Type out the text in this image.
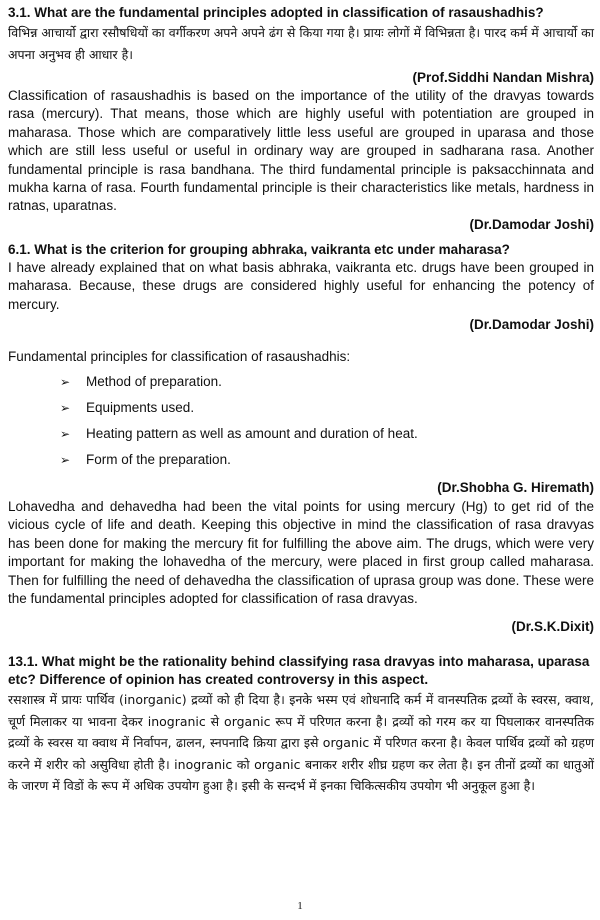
3.1. What are the fundamental principles adopted in classification of rasaushadhis?

विभिन्न आचार्यो द्वारा रसौषधियों का वर्गीकरण अपने अपने ढंग से किया गया है। प्रायः लोगों में विभिन्नता है। पारद कर्म में आचार्यो का अपना अनुभव ही आधार है।

(Prof.Siddhi Nandan Mishra)

Classification of rasaushadhis is based on the importance of the utility of the dravyas towards rasa (mercury). That means, those which are highly useful with potentiation are grouped in maharasa. Those which are comparatively little less useful are grouped in uparasa and those which are still less useful or useful in ordinary way are grouped in sadharana rasa. Another fundamental principle is rasa bandhana. The third fundamental principle is paksacchinnata and mukha karna of rasa. Fourth fundamental principle is their characteristics like metals, hardness in ratnas, uparatnas.

(Dr.Damodar Joshi)

6.1. What is the criterion for grouping abhraka, vaikranta etc under maharasa?

I have already explained that on what basis abhraka, vaikranta etc. drugs have been grouped in maharasa. Because, these drugs are considered highly useful for enhancing the potency of mercury.

(Dr.Damodar Joshi)

Fundamental principles for classification of rasaushadhis:

➢	Method of preparation.
➢	Equipments used.
➢	Heating pattern as well as amount and duration of heat.
➢	Form of the preparation.

(Dr.Shobha G. Hiremath)

Lohavedha and dehavedha had been the vital points for using mercury (Hg) to get rid of the vicious cycle of life and death. Keeping this objective in mind the classification of rasa dravyas has been done for making the mercury fit for fulfilling the above aim. The drugs, which were very important for making the lohavedha of the mercury, were placed in first group called maharasa. Then for fulfilling the need of dehavedha the classification of uprasa group was done. These were the fundamental principles adopted for classification of rasa dravyas.

(Dr.S.K.Dixit)

13.1. What might be the rationality behind classifying rasa dravyas into maharasa, uparasa etc? Difference of opinion has created controversy in this aspect.

रसशास्त्र में प्रायः पार्थिव (inorganic) द्रव्यों को ही दिया है। इनके भस्म एवं शोधनादि कर्म में वानस्पतिक द्रव्यों के स्वरस, क्वाथ, चूर्ण मिलाकर या भावना देकर inogranic से organic रूप में परिणत करना है। द्रव्यों को गरम कर या पिघलाकर वानस्पतिक द्रव्यों के स्वरस या क्वाथ में निर्वापन, ढालन, स्नपनादि क्रिया द्वारा इसे organic में परिणत करना है। केवल पार्थिव द्रव्यों को ग्रहण करने में शरीर को असुविधा होती है। inogranic को organic बनाकर शरीर शीघ्र ग्रहण कर लेता है। इन तीनों द्रव्यों का धातुओं के जारण में विडों के रूप में अधिक उपयोग हुआ है। इसी के सन्दर्भ में इनका चिकित्सकीय उपयोग भी अनुकूल हुआ है।

1
